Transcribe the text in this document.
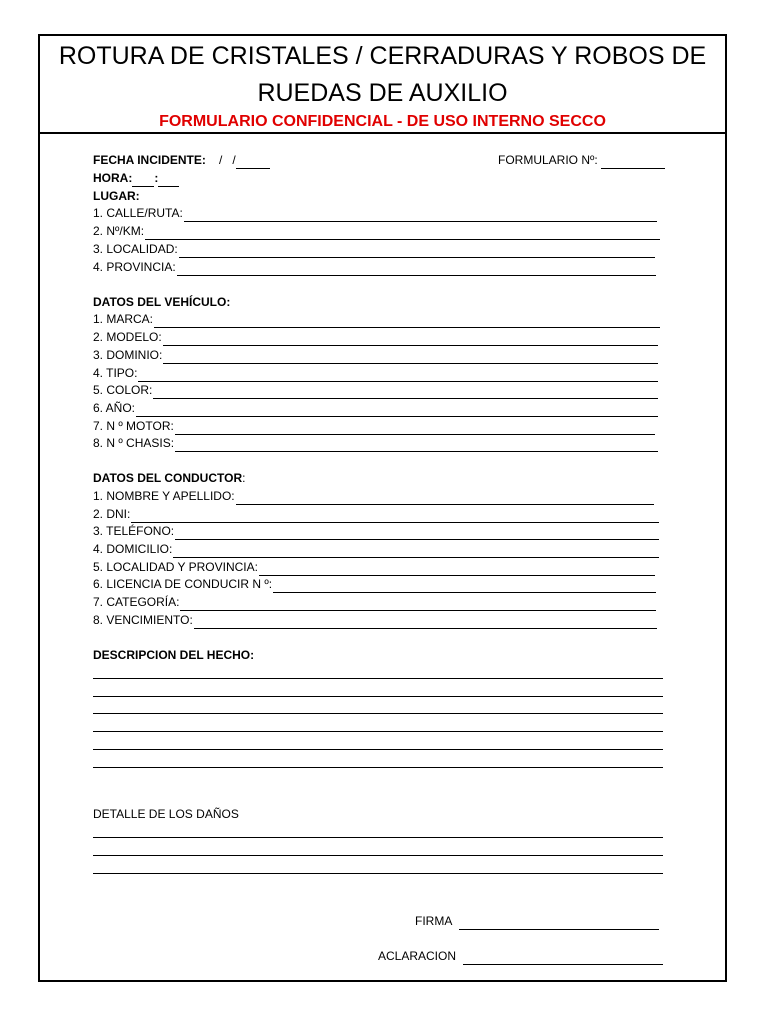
ROTURA DE CRISTALES / CERRADURAS Y ROBOS DE
RUEDAS DE AUXILIO
FORMULARIO CONFIDENCIAL - DE USO INTERNO SECCO
FECHA INCIDENTE: / /	FORMULARIO Nº:
HORA: :
LUGAR:
1. CALLE/RUTA:
2. Nº/KM:
3. LOCALIDAD:
4. PROVINCIA:
DATOS DEL VEHÍCULO:
1. MARCA:
2. MODELO:
3. DOMINIO:
4. TIPO:
5. COLOR:
6. AÑO:
7. N º MOTOR:
8. N º CHASIS:
DATOS DEL CONDUCTOR:
1. NOMBRE Y APELLIDO:
2. DNI:
3. TELÉFONO:
4. DOMICILIO:
5. LOCALIDAD Y PROVINCIA:
6. LICENCIA DE CONDUCIR N º:
7. CATEGORÍA:
8. VENCIMIENTO:
DESCRIPCION DEL HECHO:
DETALLE DE LOS DAÑOS
FIRMA
ACLARACION
